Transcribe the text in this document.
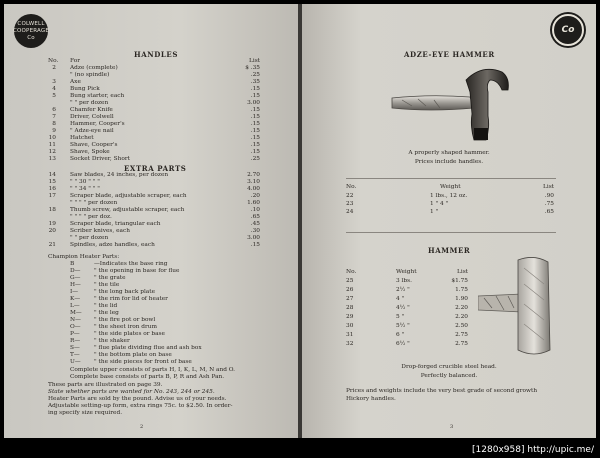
COLWELL
COOPERAGE
Co
HANDLES
No. For	List
2 Adze (complete)	$ .35
" (no spindle)	.25
3 Axe	.35
4 Bung Pick	.15
5 Bung starter, each	.15
" " per dozen	3.00
6 Chamfer Knife	.15
7 Driver, Colwell	.15
8 Hammer, Cooper's	.15
9 " Adze-eye nail	.15
10 Hatchet	.15
11 Shave, Cooper's	.15
12 Shave, Spoke	.15
13 Socket Driver, Short	.25
EXTRA PARTS
14 Saw blades, 24 inches, per dozen	2.70
15 " " 30 " " "	3.10
16 " " 34 " " "	4.00
17 Scraper blade, adjustable scraper, each	.20
" " " " per dozen	1.60
18 Thumb screw, adjustable scraper, each	.10
" " " " per doz.	.65
19 Scraper blade, triangular each	.45
20 Scriber knives, each	.30
" " per dozen	3.00
21 Spindles, adze handles, each	.15
Champion Heater Parts:
B	—Indicates the base ring
D— " the opening in base for flue
G— " the grate
H— " the tile
I—	" the long back plate
K— " the rim for lid of heater
L— " the lid
M— " the leg
N— " the fire pot or bowl
O— " the sheet iron drum
P— " the side plates or base
R— " the shaker
S— " flue plate dividing flue and ash box
T— " the bottom plate on base
U— " the side pieces for front of base
Complete upper consists of parts H, I, K, L, M, N and O.
Complete base consists of parts B, P, R and Ash Pan.
These parts are illustrated on page 39.
State whether parts are wanted for No. 243, 244 or 245.
Heater Parts are sold by the pound. Advise us of your needs.
Adjustable setting-up form, extra rings 75c. to $2.50. In order-
ing specify size required.
2
Co
ADZE-EYE HAMMER
A properly shaped hammer.
Prices include handles.
No.	Weight	List
22	1 lbs., 12 oz.	.90
23	1 " 4 "	.75
24	1 "	.65
HAMMER
No.	Weight	List
25	3 lbs.	$1.75
26	2½ "	1.75
27	4 "	1.90
28	4½ "	2.20
29	5 "	2.20
30	5½ "	2.50
31	6 "	2.75
32	6½ "	2.75
Drop-forged crucible steel head.
Perfectly balanced.
Prices and weights include the very best grade of second growth
Hickory handles.
3
[1280x958] http://upic.me/
